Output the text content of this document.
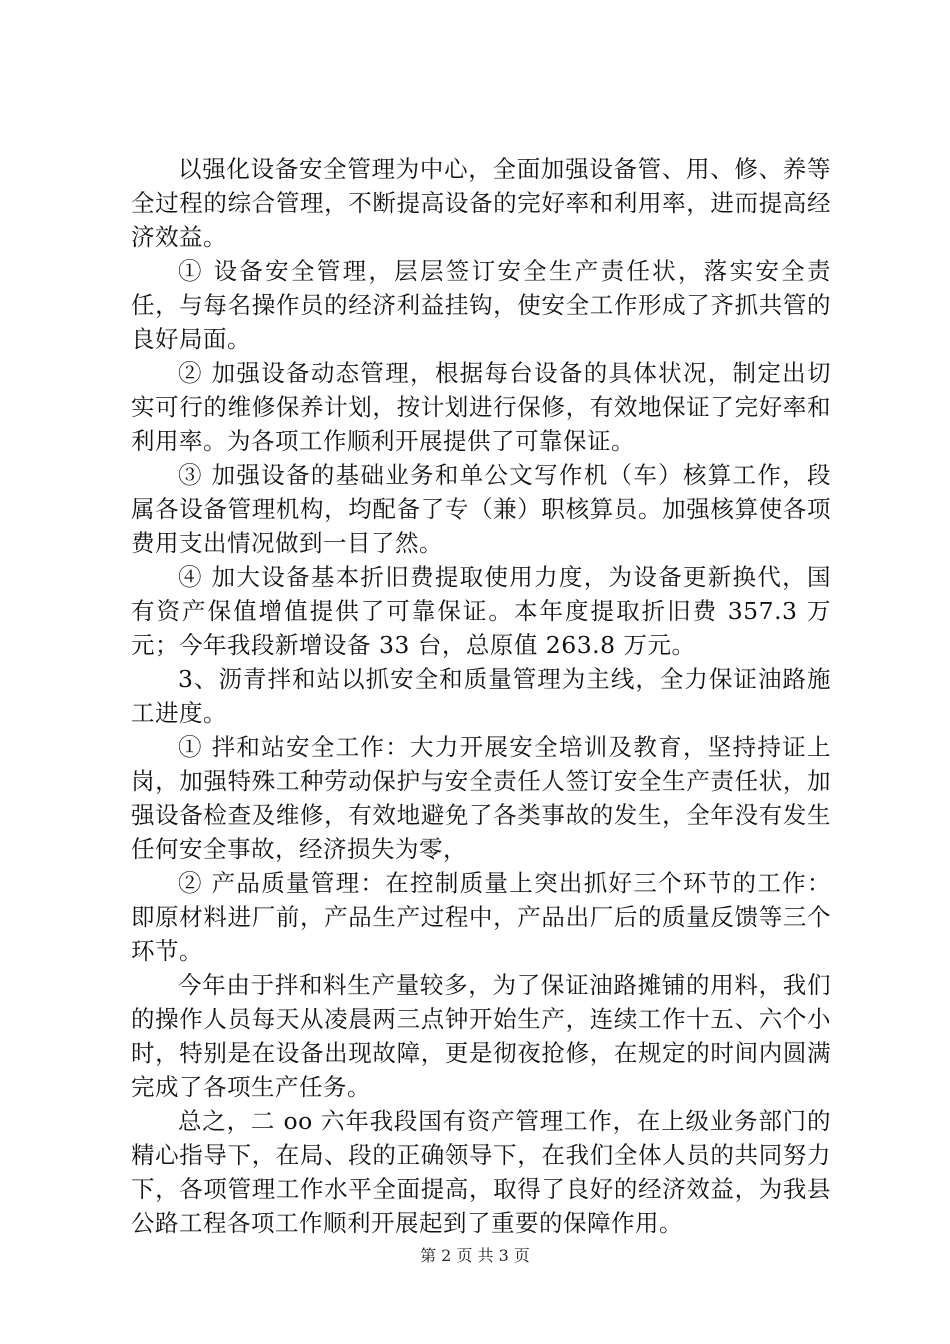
以强化设备安全管理为中心，全面加强设备管、用、修、养等全过程的综合管理，不断提高设备的完好率和利用率，进而提高经济效益。

① 设备安全管理，层层签订安全生产责任状，落实安全责任，与每名操作员的经济利益挂钩，使安全工作形成了齐抓共管的良好局面。

② 加强设备动态管理，根据每台设备的具体状况，制定出切实可行的维修保养计划，按计划进行保修，有效地保证了完好率和利用率。为各项工作顺利开展提供了可靠保证。

③ 加强设备的基础业务和单公文写作机（车）核算工作，段属各设备管理机构，均配备了专（兼）职核算员。加强核算使各项费用支出情况做到一目了然。

④ 加大设备基本折旧费提取使用力度，为设备更新换代，国有资产保值增值提供了可靠保证。本年度提取折旧费 357.3 万元；今年我段新增设备 33 台，总原值 263.8 万元。

3、沥青拌和站以抓安全和质量管理为主线，全力保证油路施工进度。

① 拌和站安全工作：大力开展安全培训及教育，坚持持证上岗，加强特殊工种劳动保护与安全责任人签订安全生产责任状，加强设备检查及维修，有效地避免了各类事故的发生，全年没有发生任何安全事故，经济损失为零，

② 产品质量管理：在控制质量上突出抓好三个环节的工作：即原材料进厂前，产品生产过程中，产品出厂后的质量反馈等三个环节。

今年由于拌和料生产量较多，为了保证油路摊铺的用料，我们的操作人员每天从凌晨两三点钟开始生产，连续工作十五、六个小时，特别是在设备出现故障，更是彻夜抢修，在规定的时间内圆满完成了各项生产任务。

总之，二 oo 六年我段国有资产管理工作，在上级业务部门的精心指导下，在局、段的正确领导下，在我们全体人员的共同努力下，各项管理工作水平全面提高，取得了良好的经济效益，为我县公路工程各项工作顺利开展起到了重要的保障作用。

第 2 页 共 3 页
